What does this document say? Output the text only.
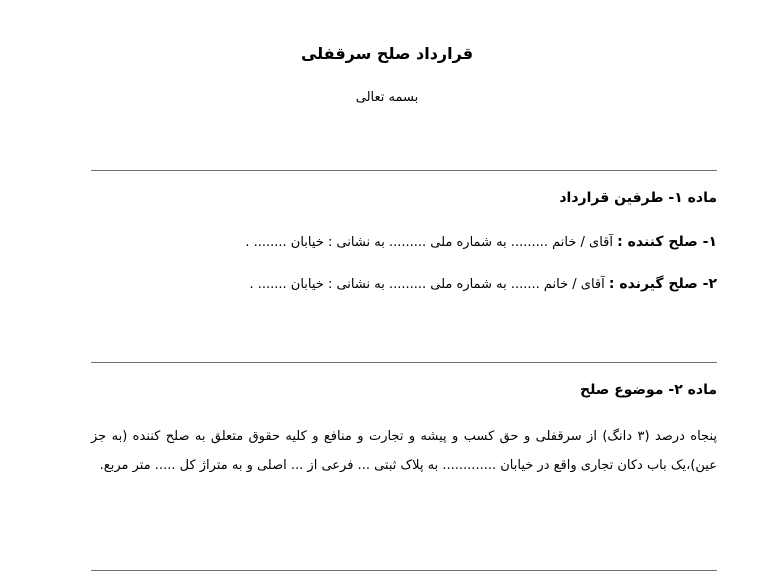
قرارداد صلح سرقفلی
بسمه تعالی
ماده ۱- طرفین قرارداد
۱- صلح کننده : آقای / خانم ......... به شماره ملی ......... به نشانی : خیابان ........ .
۲- صلح گیرنده : آقای / خانم ....... به شماره ملی ......... به نشانی : خیابان ....... .
ماده ۲- موضوع صلح
پنجاه درصد (۳ دانگ) از سرقفلی و حق کسب و پیشه و تجارت و منافع و کلیه حقوق متعلق به صلح کننده (به جز عین)،یک باب دکان تجاری واقع در خیابان ............. به پلاک ثبتی ... فرعی از ... اصلی و به متراژ کل ..... متر مربع.
